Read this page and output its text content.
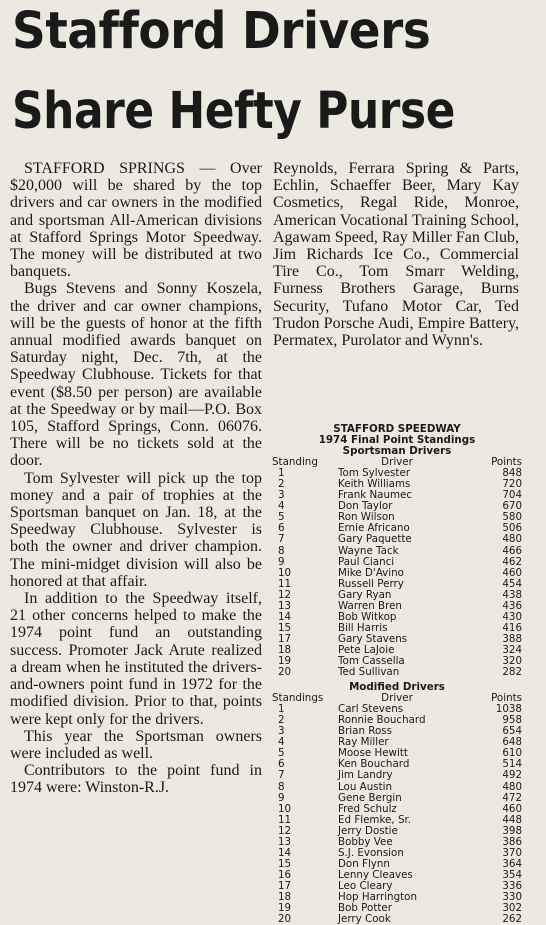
Stafford Drivers
Share Hefty Purse

STAFFORD SPRINGS — Over $20,000 will be shared by the top drivers and car owners in the modified and sportsman All-American divisions at Stafford Springs Motor Speedway. The money will be distributed at two banquets.

Bugs Stevens and Sonny Koszela, the driver and car owner champions, will be the guests of honor at the fifth annual modified awards banquet on Saturday night, Dec. 7th, at the Speedway Clubhouse. Tickets for that event ($8.50 per person) are available at the Speedway or by mail—P.O. Box 105, Stafford Springs, Conn. 06076. There will be no tickets sold at the door.

Tom Sylvester will pick up the top money and a pair of trophies at the Sportsman banquet on Jan. 18, at the Speedway Clubhouse. Sylvester is both the owner and driver champion. The mini-midget division will also be honored at that affair.

In addition to the Speedway itself, 21 other concerns helped to make the 1974 point fund an outstanding success. Promoter Jack Arute realized a dream when he instituted the drivers-and-owners point fund in 1972 for the modified division. Prior to that, points were kept only for the drivers.

This year the Sportsman owners were included as well.

Contributors to the point fund in 1974 were: Winston-R.J.

Reynolds, Ferrara Spring & Parts, Echlin, Schaeffer Beer, Mary Kay Cosmetics, Regal Ride, Monroe, American Vocational Training School, Agawam Speed, Ray Miller Fan Club, Jim Richards Ice Co., Commercial Tire Co., Tom Smarr Welding, Furness Brothers Garage, Burns Security, Tufano Motor Car, Ted Trudon Porsche Audi, Empire Battery, Permatex, Purolator and Wynn's.

STAFFORD SPEEDWAY
1974 Final Point Standings
Sportsman Drivers
Standing	Driver	Points
1	Tom Sylvester	848
2	Keith Williams	720
3	Frank Naumec	704
4	Don Taylor	670
5	Ron Wilson	580
6	Ernie Africano	506
7	Gary Paquette	480
8	Wayne Tack	466
9	Paul Cianci	462
10	Mike D'Avino	460
11	Russell Perry	454
12	Gary Ryan	438
13	Warren Bren	436
14	Bob Witkop	430
15	Bill Harris	416
17	Gary Stavens	388
18	Pete LaJoie	324
19	Tom Cassella	320
20	Ted Sullivan	282
Modified Drivers
Standings	Driver	Points
1	Carl Stevens	1038
2	Ronnie Bouchard	958
3	Brian Ross	654
4	Ray Miller	648
5	Moose Hewitt	610
6	Ken Bouchard	514
7	Jim Landry	492
8	Lou Austin	480
9	Gene Bergin	472
10	Fred Schulz	460
11	Ed Flemke, Sr.	448
12	Jerry Dostie	398
13	Bobby Vee	386
14	S.J. Evonsion	370
15	Don Flynn	364
16	Lenny Cleaves	354
17	Leo Cleary	336
18	Hop Harrington	330
19	Bob Potter	302
20	Jerry Cook	262
